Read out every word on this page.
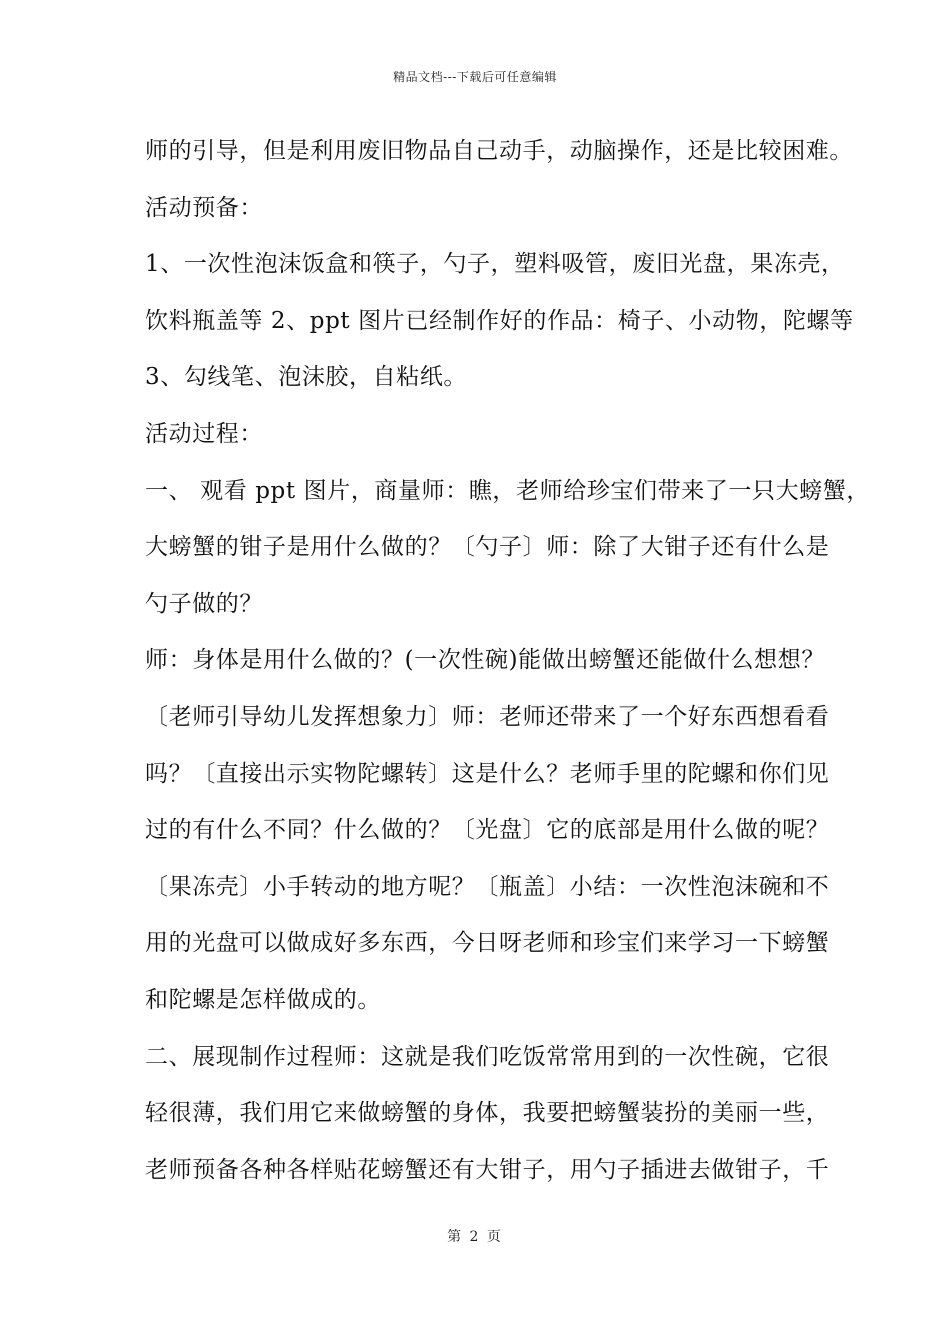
精品文档---下载后可任意编辑
师的引导，但是利用废旧物品自己动手，动脑操作，还是比较困难。
活动预备：
1、一次性泡沫饭盒和筷子，勺子，塑料吸管，废旧光盘，果冻壳，
饮料瓶盖等 2、ppt 图片已经制作好的作品：椅子、小动物，陀螺等
3、勾线笔、泡沫胶，自粘纸。
活动过程：
一、 观看 ppt 图片，商量师：瞧，老师给珍宝们带来了一只大螃蟹，
大螃蟹的钳子是用什么做的？〔勺子〕师：除了大钳子还有什么是
勺子做的？
师：身体是用什么做的？(一次性碗)能做出螃蟹还能做什么想想？
〔老师引导幼儿发挥想象力〕师：老师还带来了一个好东西想看看
吗？〔直接出示实物陀螺转〕这是什么？老师手里的陀螺和你们见
过的有什么不同？什么做的？〔光盘〕它的底部是用什么做的呢？
〔果冻壳〕小手转动的地方呢？〔瓶盖〕小结：一次性泡沫碗和不
用的光盘可以做成好多东西，今日呀老师和珍宝们来学习一下螃蟹
和陀螺是怎样做成的。
二、展现制作过程师：这就是我们吃饭常常用到的一次性碗，它很
轻很薄，我们用它来做螃蟹的身体，我要把螃蟹装扮的美丽一些，
老师预备各种各样贴花螃蟹还有大钳子，用勺子插进去做钳子，千
第 2 页
